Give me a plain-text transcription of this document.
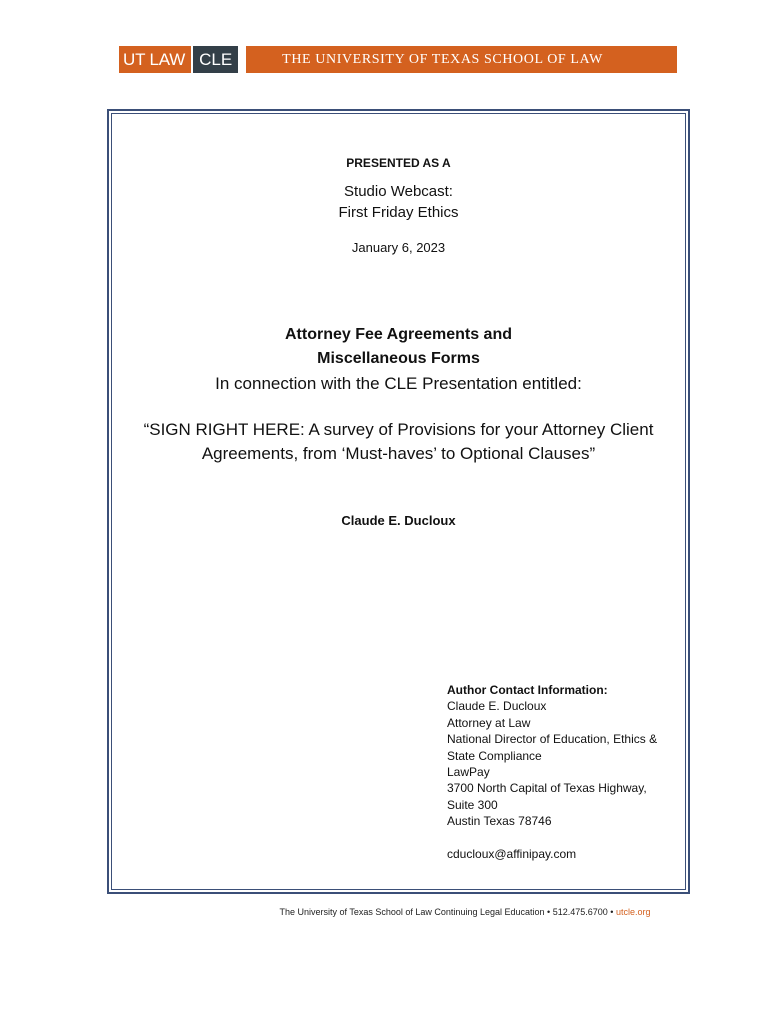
UT LAW CLE	THE UNIVERSITY OF TEXAS SCHOOL OF LAW
PRESENTED AS A
Studio Webcast:
First Friday Ethics
January 6, 2023
Attorney Fee Agreements and
Miscellaneous Forms
In connection with the CLE Presentation entitled:
“SIGN RIGHT HERE: A survey of Provisions for your Attorney Client Agreements, from ‘Must-haves’ to Optional Clauses”
Claude E. Ducloux
Author Contact Information:
Claude E. Ducloux
Attorney at Law
National Director of Education, Ethics & State Compliance
LawPay
3700 North Capital of Texas Highway,
Suite 300
Austin Texas 78746
cducloux@affinipay.com
The University of Texas School of Law Continuing Legal Education • 512.475.6700 • utcle.org
